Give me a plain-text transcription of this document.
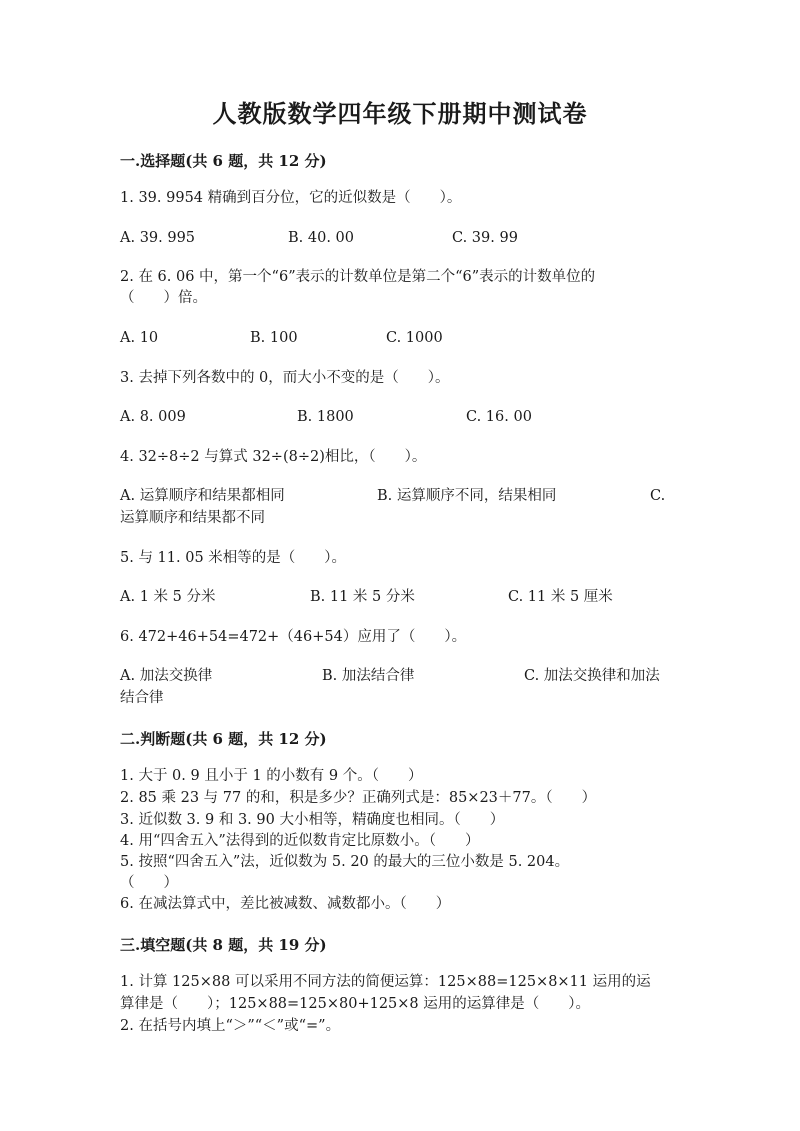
人教版数学四年级下册期中测试卷
一.选择题(共 6 题，共 12 分)
1. 39. 9954 精确到百分位，它的近似数是（　　）。
A. 39. 995	B. 40. 00	C. 39. 99
2. 在 6. 06 中，第一个“6”表示的计数单位是第二个“6”表示的计数单位的
（　　）倍。
A. 10	B. 100	C. 1000
3. 去掉下列各数中的 0，而大小不变的是（　　）。
A. 8. 009	B. 1800	C. 16. 00
4. 32÷8÷2 与算式 32÷(8÷2)相比，（　　）。
A. 运算顺序和结果都相同	B. 运算顺序不同，结果相同	C.
运算顺序和结果都不同
5. 与 11. 05 米相等的是（　　）。
A. 1 米 5 分米	B. 11 米 5 分米	C. 11 米 5 厘米
6. 472+46+54=472+（46+54）应用了（　　）。
A. 加法交换律	B. 加法结合律	C. 加法交换律和加法
结合律
二.判断题(共 6 题，共 12 分)
1. 大于 0. 9 且小于 1 的小数有 9 个。（　　）
2. 85 乘 23 与 77 的和，积是多少？正确列式是：85×23＋77。（　　）
3. 近似数 3. 9 和 3. 90 大小相等，精确度也相同。（　　）
4. 用“四舍五入”法得到的近似数肯定比原数小。（　　）
5. 按照“四舍五入”法，近似数为 5. 20 的最大的三位小数是 5. 204。
（　　）
6. 在减法算式中，差比被减数、减数都小。（　　）
三.填空题(共 8 题，共 19 分)
1. 计算 125×88 可以采用不同方法的简便运算：125×88=125×8×11 运用的运
算律是（　　）；125×88=125×80+125×8 运用的运算律是（　　）。
2. 在括号内填上“＞”“＜”或“=”。
